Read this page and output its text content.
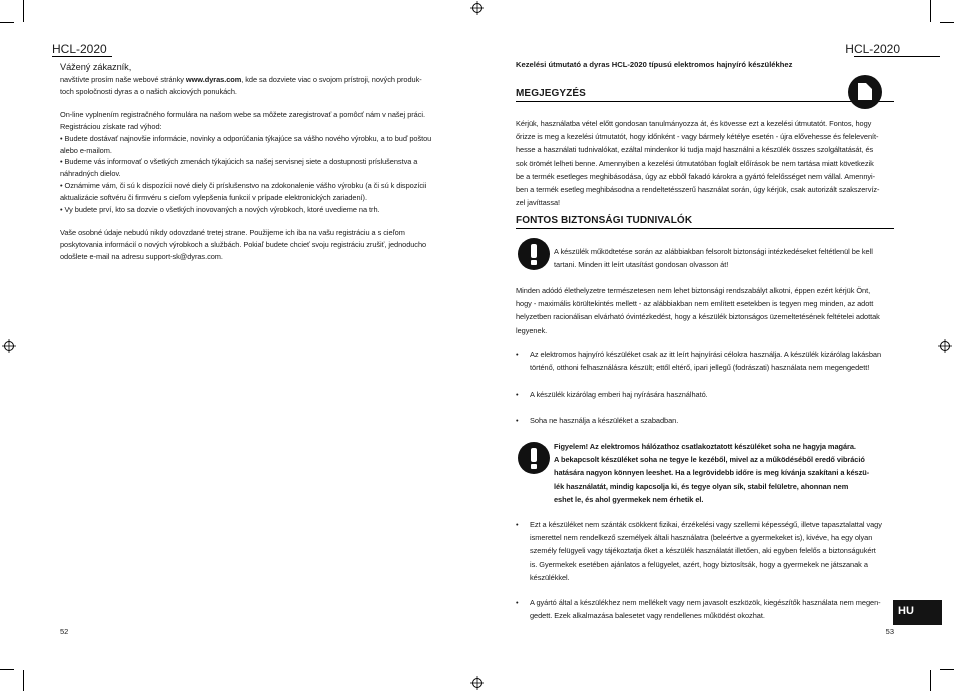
HCL-2020

Vážený zákazník,

navštívte prosím naše webové stránky www.dyras.com, kde sa dozviete viac o svojom prístroji, nových produk-

toch spoločnosti dyras a o našich akciových ponukách.

On-line vyplnením registračného formulára na našom webe sa môžete zaregistrovať a pomôcť nám v našej práci.

Registráciou získate rad výhod:

• Budete dostávať najnovšie informácie, novinky a odporúčania týkajúce sa vášho nového výrobku, a to buď poštou

alebo e-mailom.

• Budeme vás informovať o všetkých zmenách týkajúcich sa našej servisnej siete a dostupnosti príslušenstva a

náhradných dielov.

• Oznámime vám, či sú k dispozícii nové diely či príslušenstvo na zdokonalenie vášho výrobku (a či sú k dispozícii

aktualizácie softvéru či firmvéru s cieľom vylepšenia funkcií v prípade elektronických zariadení).

• Vy budete prví, kto sa dozvie o všetkých inovovaných a nových výrobkoch, ktoré uvedieme na trh.

Vaše osobné údaje nebudú nikdy odovzdané tretej strane. Použijeme ich iba na vašu registráciu a s cieľom

poskytovania informácií o nových výrobkoch a službách. Pokiaľ budete chcieť svoju registráciu zrušiť, jednoducho

odošlete e-mail na adresu support-sk@dyras.com.

52
HCL-2020
Kezelési útmutató a dyras HCL-2020 típusú elektromos hajnyíró készülékhez
MEGJEGYZÉS

Kérjük, használatba vétel előtt gondosan tanulmányozza át, és kövesse ezt a kezelési útmutatót. Fontos, hogy

őrizze is meg a kezelési útmutatót, hogy időnként - vagy bármely kétélye esetén - újra elővehesse és felelevenít-

hesse a használati tudnivalókat, ezáltal mindenkor ki tudja majd használni a készülék összes szolgáltatását, és

sok örömét lelheti benne. Amennyiben a kezelési útmutatóban foglalt előírások be nem tartása miatt következik

be a termék esetleges meghibásodása, úgy az ebből fakadó károkra a gyártó felelősséget nem vállal. Amennyi-

ben a termék esetleg meghibásodna a rendeltetésszerű használat során, úgy kérjük, csak autorizált szakszervíz-

zel javíttassa!

FONTOS BIZTONSÁGI TUDNIVALÓK

A készülék működtetése során az alábbiakban felsorolt biztonsági intézkedéseket feltétlenül be kell

tartani. Minden itt leírt utasítást gondosan olvasson át!

Minden adódó élethelyzetre természetesen nem lehet biztonsági rendszabályt alkotni, éppen ezért kérjük Önt,

hogy - maximális körültekintés mellett - az alábbiakban nem említett esetekben is tegyen meg minden, az adott

helyzetben racionálisan elvárható óvintézkedést, hogy a készülék biztonságos üzemeltetésének feltételei adottak

legyenek.

• Az elektromos hajnyíró készüléket csak az itt leírt hajnyírási célokra használja. A készülék kizárólag lakásban

történő, otthoni felhasználásra készült; ettől eltérő, ipari jellegű (fodrászati) használata nem megengedett!

• A készülék kizárólag emberi haj nyírására használható.
• Soha ne használja a készüléket a szabadban.

Figyelem! Az elektromos hálózathoz csatlakoztatott készüléket soha ne hagyja magára.

A bekapcsolt készüléket soha ne tegye le kezéből, mivel az a működéséből eredő vibráció

hatására nagyon könnyen leeshet. Ha a legrövidebb időre is meg kívánja szakítani a készü-

lék használatát, mindig kapcsolja ki, és tegye olyan sík, stabil felületre, ahonnan nem

eshet le, és ahol gyermekek nem érhetik el.

• Ezt a készüléket nem szánták csökkent fizikai, érzékelési vagy szellemi képességű, illetve tapasztalattal vagy

ismerettel nem rendelkező személyek általi használatra (beleértve a gyermekeket is), kivéve, ha egy olyan

személy felügyeli vagy tájékoztatja őket a készülék használatát illetően, aki egyben felelős a biztonságukért

is. Gyermekek esetében ajánlatos a felügyelet, azért, hogy biztosítsák, hogy a gyermekek ne játszanak a

készülékkel.

• A gyártó által a készülékhez nem mellékelt vagy nem javasolt eszközök, kiegészítők használata nem megen-

gedett. Ezek alkalmazása balesetet vagy rendellenes működést okozhat.

53
HU
